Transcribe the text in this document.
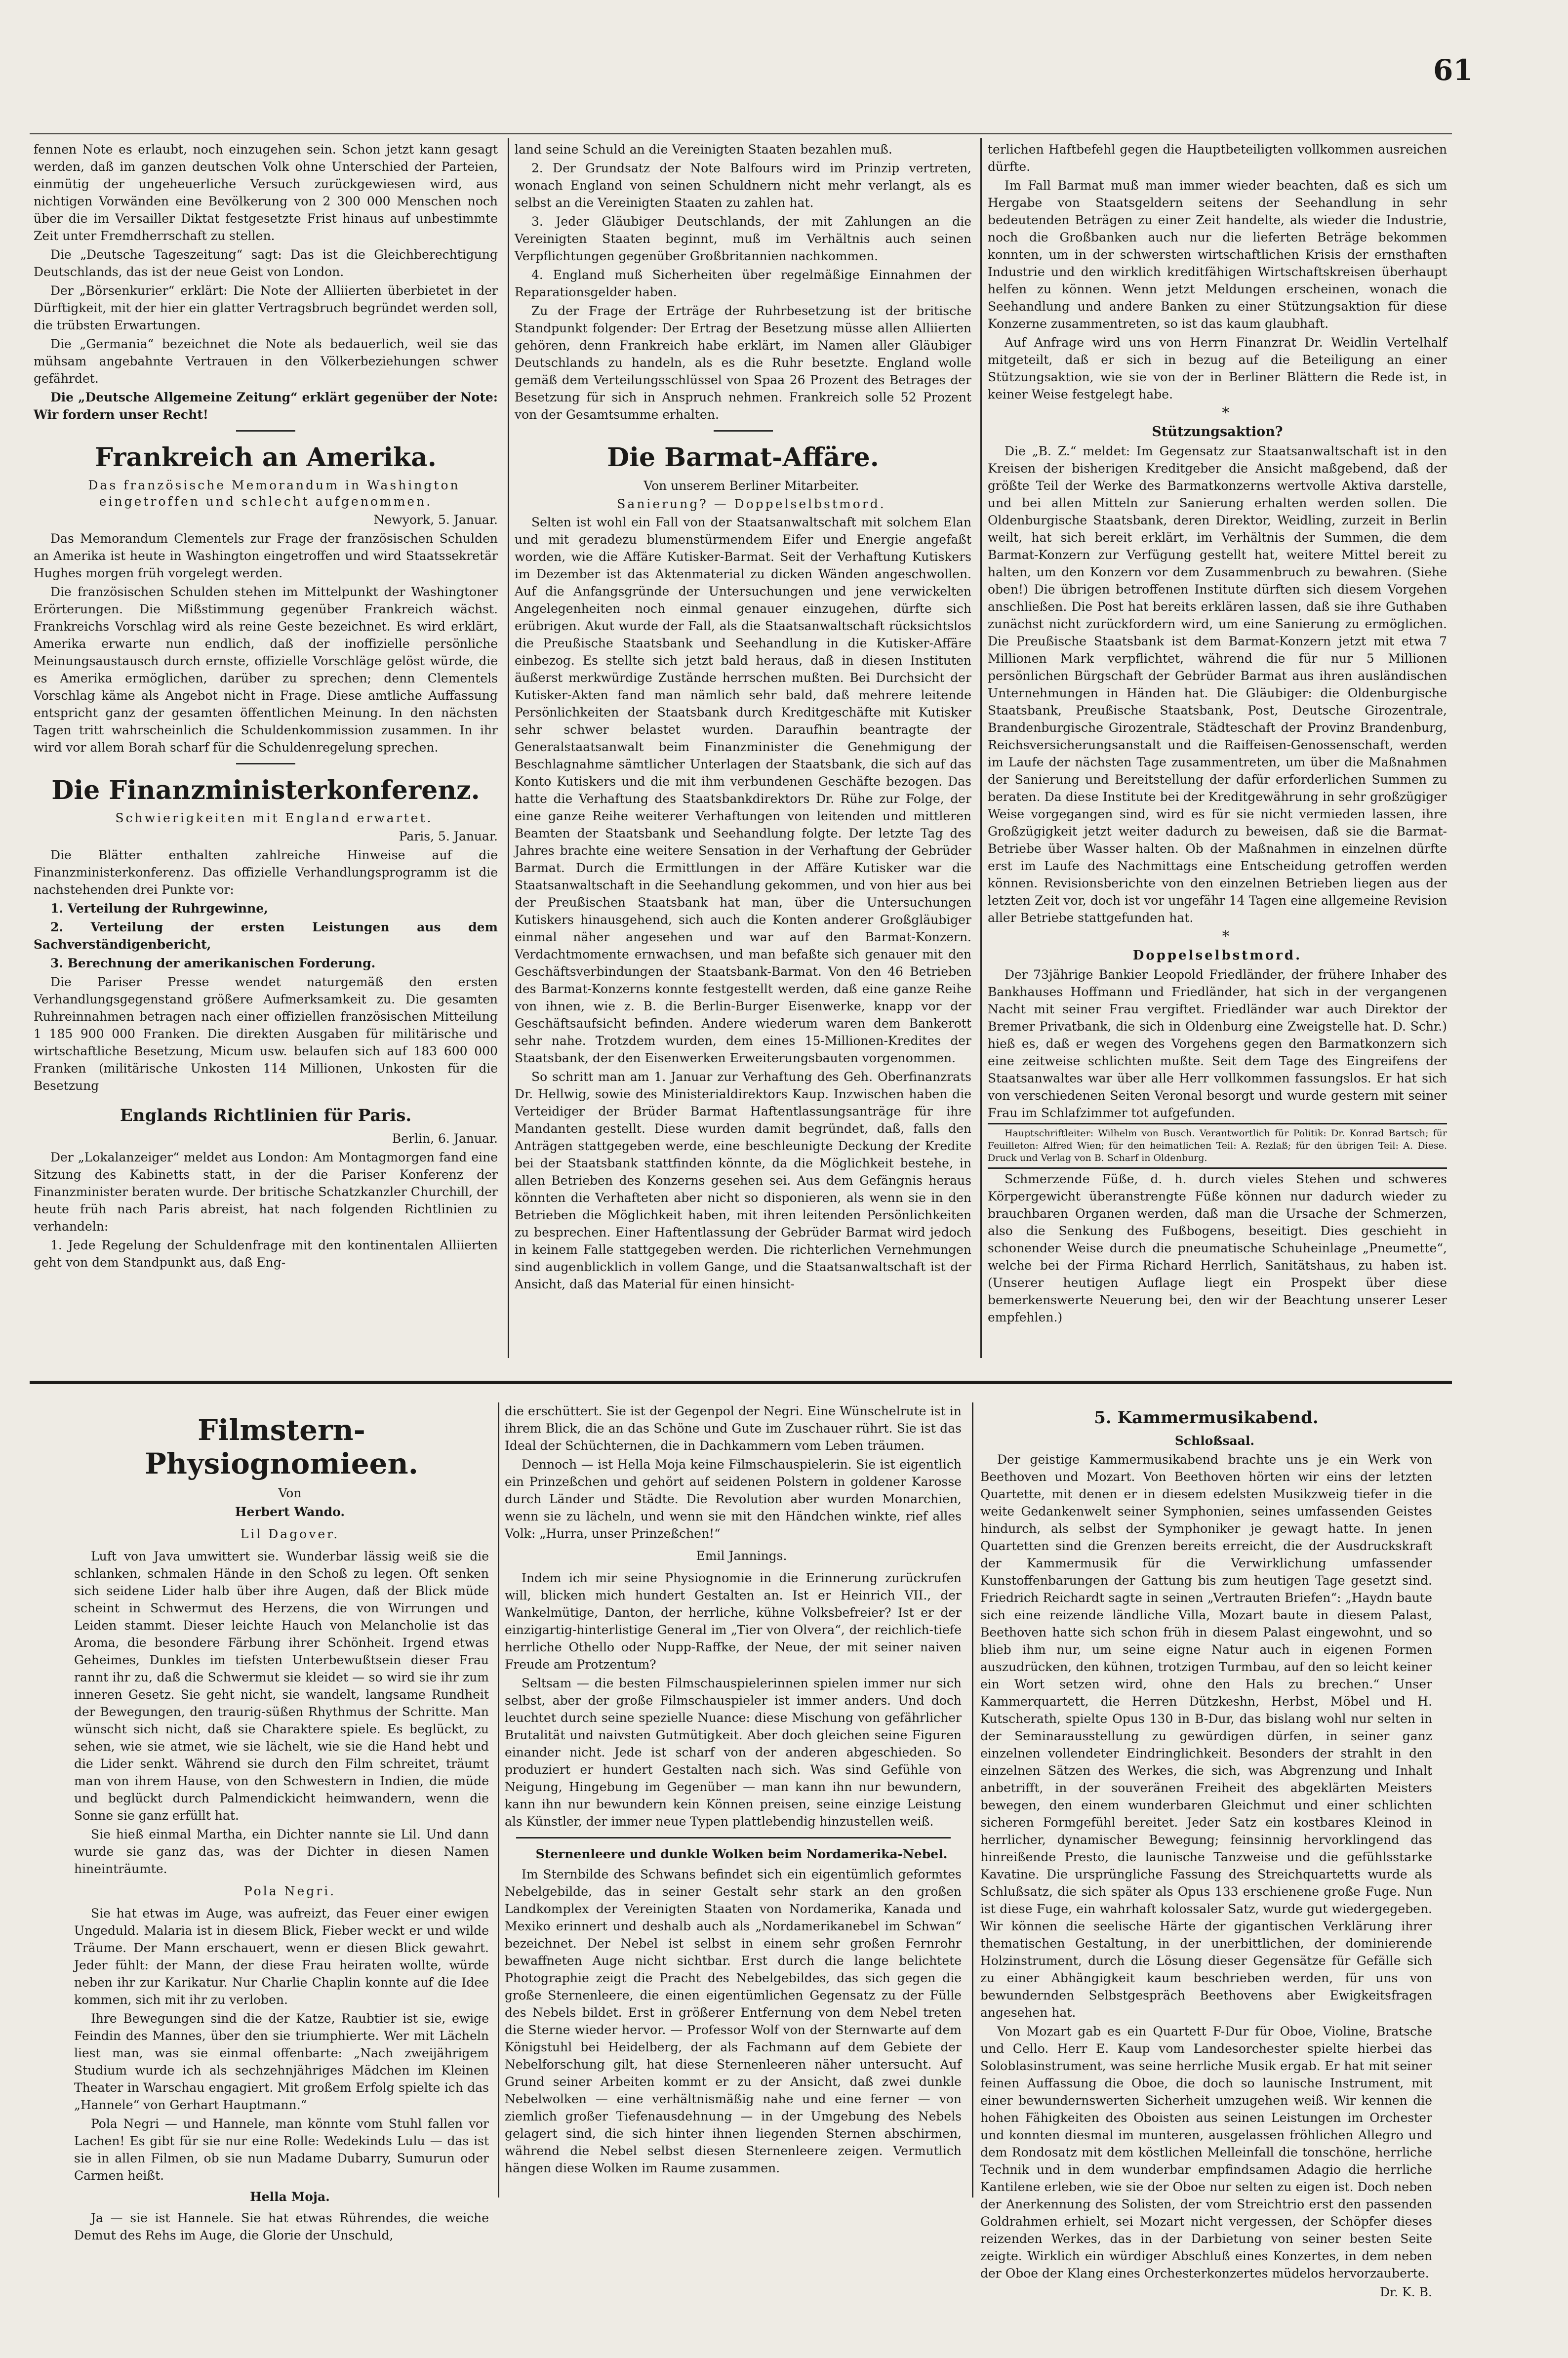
61

fennen Note es erlaubt, noch einzugehen sein. Schon jetzt kann gesagt werden, daß im ganzen deutschen Volk ohne Unterschied der Parteien, einmütig der ungeheuerliche Versuch zurückgewiesen wird, aus nichtigen Vorwänden eine Bevölkerung von 2 300 000 Menschen noch über die im Versailler Diktat festgesetzte Frist hinaus auf unbestimmte Zeit unter Fremdherrschaft zu stellen.

Die „Deutsche Tageszeitung“ sagt: Das ist die Gleichberechtigung Deutschlands, das ist der neue Geist von London.

Der „Börsenkurier“ erklärt: Die Note der Alliierten überbietet in der Dürftigkeit, mit der hier ein glatter Vertragsbruch begründet werden soll, die trübsten Erwartungen.

Die „Germania“ bezeichnet die Note als bedauerlich, weil sie das mühsam angebahnte Vertrauen in den Völkerbeziehungen schwer gefährdet.

Die „Deutsche Allgemeine Zeitung“ erklärt gegenüber der Note: Wir fordern unser Recht!

Frankreich an Amerika.

Das französische Memorandum in Washington eingetroffen und schlecht aufgenommen.

Newyork, 5. Januar.

Das Memorandum Clementels zur Frage der französischen Schulden an Amerika ist heute in Washington eingetroffen und wird Staatssekretär Hughes morgen früh vorgelegt werden.

Die französischen Schulden stehen im Mittelpunkt der Washingtoner Erörterungen. Die Mißstimmung gegenüber Frankreich wächst. Frankreichs Vorschlag wird als reine Geste bezeichnet. Es wird erklärt, Amerika erwarte nun endlich, daß der inoffizielle persönliche Meinungsaustausch durch ernste, offizielle Vorschläge gelöst würde, die es Amerika ermöglichen, darüber zu sprechen; denn Clementels Vorschlag käme als Angebot nicht in Frage. Diese amtliche Auffassung entspricht ganz der gesamten öffentlichen Meinung. In den nächsten Tagen tritt wahrscheinlich die Schuldenkommission zusammen. In ihr wird vor allem Borah scharf für die Schuldenregelung sprechen.

Die Finanzministerkonferenz.

Schwierigkeiten mit England erwartet.

Paris, 5. Januar.

Die Blätter enthalten zahlreiche Hinweise auf die Finanzministerkonferenz. Das offizielle Verhandlungsprogramm ist die nachstehenden drei Punkte vor:

1. Verteilung der Ruhrgewinne,

2. Verteilung der ersten Leistungen aus dem Sachverständigenbericht,

3. Berechnung der amerikanischen Forderung.

Die Pariser Presse wendet naturgemäß den ersten Verhandlungsgegenstand größere Aufmerksamkeit zu. Die gesamten Ruhreinnahmen betragen nach einer offiziellen französischen Mitteilung 1 185 900 000 Franken. Die direkten Ausgaben für militärische und wirtschaftliche Besetzung, Micum usw. belaufen sich auf 183 600 000 Franken (militärische Unkosten 114 Millionen, Unkosten für die Besetzung

Englands Richtlinien für Paris.

Berlin, 6. Januar.

Der „Lokalanzeiger“ meldet aus London: Am Montagmorgen fand eine Sitzung des Kabinetts statt, in der die Pariser Konferenz der Finanzminister beraten wurde. Der britische Schatzkanzler Churchill, der heute früh nach Paris abreist, hat nach folgenden Richtlinien zu verhandeln:

1. Jede Regelung der Schuldenfrage mit den kontinentalen Alliierten geht von dem Standpunkt aus, daß Eng-

land seine Schuld an die Vereinigten Staaten bezahlen muß.

2. Der Grundsatz der Note Balfours wird im Prinzip vertreten, wonach England von seinen Schuldnern nicht mehr verlangt, als es selbst an die Vereinigten Staaten zu zahlen hat.

3. Jeder Gläubiger Deutschlands, der mit Zahlungen an die Vereinigten Staaten beginnt, muß im Verhältnis auch seinen Verpflichtungen gegenüber Großbritannien nachkommen.

4. England muß Sicherheiten über regelmäßige Einnahmen der Reparationsgelder haben.

Zu der Frage der Erträge der Ruhrbesetzung ist der britische Standpunkt folgender: Der Ertrag der Besetzung müsse allen Alliierten gehören, denn Frankreich habe erklärt, im Namen aller Gläubiger Deutschlands zu handeln, als es die Ruhr besetzte. England wolle gemäß dem Verteilungsschlüssel von Spaa 26 Prozent des Betrages der Besetzung für sich in Anspruch nehmen. Frankreich solle 52 Prozent von der Gesamtsumme erhalten.

Die Barmat-Affäre.

Von unserem Berliner Mitarbeiter.

Sanierung? — Doppelselbstmord.

Selten ist wohl ein Fall von der Staatsanwaltschaft mit solchem Elan und mit geradezu blumenstürmendem Eifer und Energie angefaßt worden, wie die Affäre Kutisker-Barmat. Seit der Verhaftung Kutiskers im Dezember ist das Aktenmaterial zu dicken Wänden angeschwollen. Auf die Anfangsgründe der Untersuchungen und jene verwickelten Angelegenheiten noch einmal genauer einzugehen, dürfte sich erübrigen. Akut wurde der Fall, als die Staatsanwaltschaft rücksichtslos die Preußische Staatsbank und Seehandlung in die Kutisker-Affäre einbezog. Es stellte sich jetzt bald heraus, daß in diesen Instituten äußerst merkwürdige Zustände herrschen mußten. Bei Durchsicht der Kutisker-Akten fand man nämlich sehr bald, daß mehrere leitende Persönlichkeiten der Staatsbank durch Kreditgeschäfte mit Kutisker sehr schwer belastet wurden. Daraufhin beantragte der Generalstaatsanwalt beim Finanzminister die Genehmigung der Beschlagnahme sämtlicher Unterlagen der Staatsbank, die sich auf das Konto Kutiskers und die mit ihm verbundenen Geschäfte bezogen. Das hatte die Verhaftung des Staatsbankdirektors Dr. Rühe zur Folge, der eine ganze Reihe weiterer Verhaftungen von leitenden und mittleren Beamten der Staatsbank und Seehandlung folgte. Der letzte Tag des Jahres brachte eine weitere Sensation in der Verhaftung der Gebrüder Barmat. Durch die Ermittlungen in der Affäre Kutisker war die Staatsanwaltschaft in die Seehandlung gekommen, und von hier aus bei der Preußischen Staatsbank hat man, über die Untersuchungen Kutiskers hinausgehend, sich auch die Konten anderer Großgläubiger einmal näher angesehen und war auf den Barmat-Konzern. Verdachtmomente ernwachsen, und man befaßte sich genauer mit den Geschäftsverbindungen der Staatsbank-Barmat. Von den 46 Betrieben des Barmat-Konzerns konnte festgestellt werden, daß eine ganze Reihe von ihnen, wie z. B. die Berlin-Burger Eisenwerke, knapp vor der Geschäftsaufsicht befinden. Andere wiederum waren dem Bankerott sehr nahe. Trotzdem wurden, dem eines 15-Millionen-Kredites der Staatsbank, der den Eisenwerken Erweiterungsbauten vorgenommen.

So schritt man am 1. Januar zur Verhaftung des Geh. Oberfinanzrats Dr. Hellwig, sowie des Ministerialdirektors Kaup. Inzwischen haben die Verteidiger der Brüder Barmat Haftentlassungsanträge für ihre Mandanten gestellt. Diese wurden damit begründet, daß, falls den Anträgen stattgegeben werde, eine beschleunigte Deckung der Kredite bei der Staatsbank stattfinden könnte, da die Möglichkeit bestehe, in allen Betrieben des Konzerns gesehen sei. Aus dem Gefängnis heraus könnten die Verhafteten aber nicht so disponieren, als wenn sie in den Betrieben die Möglichkeit haben, mit ihren leitenden Persönlichkeiten zu besprechen. Einer Haftentlassung der Gebrüder Barmat wird jedoch in keinem Falle stattgegeben werden. Die richterlichen Vernehmungen sind augenblicklich in vollem Gange, und die Staatsanwaltschaft ist der Ansicht, daß das Material für einen hinsicht-

terlichen Haftbefehl gegen die Hauptbeteiligten vollkommen ausreichen dürfte.

Im Fall Barmat muß man immer wieder beachten, daß es sich um Hergabe von Staatsgeldern seitens der Seehandlung in sehr bedeutenden Beträgen zu einer Zeit handelte, als wieder die Industrie, noch die Großbanken auch nur die lieferten Beträge bekommen konnten, um in der schwersten wirtschaftlichen Krisis der ernsthaften Industrie und den wirklich kreditfähigen Wirtschaftskreisen überhaupt helfen zu können. Wenn jetzt Meldungen erscheinen, wonach die Seehandlung und andere Banken zu einer Stützungsaktion für diese Konzerne zusammentreten, so ist das kaum glaubhaft.

Auf Anfrage wird uns von Herrn Finanzrat Dr. Weidlin Vertelhalf mitgeteilt, daß er sich in bezug auf die Beteiligung an einer Stützungsaktion, wie sie von der in Berliner Blättern die Rede ist, in keiner Weise festgelegt habe.

*

Stützungsaktion?

Die „B. Z.“ meldet: Im Gegensatz zur Staatsanwaltschaft ist in den Kreisen der bisherigen Kreditgeber die Ansicht maßgebend, daß der größte Teil der Werke des Barmatkonzerns wertvolle Aktiva darstelle, und bei allen Mitteln zur Sanierung erhalten werden sollen. Die Oldenburgische Staatsbank, deren Direktor, Weidling, zurzeit in Berlin weilt, hat sich bereit erklärt, im Verhältnis der Summen, die dem Barmat-Konzern zur Verfügung gestellt hat, weitere Mittel bereit zu halten, um den Konzern vor dem Zusammenbruch zu bewahren. (Siehe oben!) Die übrigen betroffenen Institute dürften sich diesem Vorgehen anschließen. Die Post hat bereits erklären lassen, daß sie ihre Guthaben zunächst nicht zurückfordern wird, um eine Sanierung zu ermöglichen. Die Preußische Staatsbank ist dem Barmat-Konzern jetzt mit etwa 7 Millionen Mark verpflichtet, während die für nur 5 Millionen persönlichen Bürgschaft der Gebrüder Barmat aus ihren ausländischen Unternehmungen in Händen hat. Die Gläubiger: die Oldenburgische Staatsbank, Preußische Staatsbank, Post, Deutsche Girozentrale, Brandenburgische Girozentrale, Städteschaft der Provinz Brandenburg, Reichsversicherungsanstalt und die Raiffeisen-Genossenschaft, werden im Laufe der nächsten Tage zusammentreten, um über die Maßnahmen der Sanierung und Bereitstellung der dafür erforderlichen Summen zu beraten. Da diese Institute bei der Kreditgewährung in sehr großzügiger Weise vorgegangen sind, wird es für sie nicht vermieden lassen, ihre Großzügigkeit jetzt weiter dadurch zu beweisen, daß sie die Barmat-Betriebe über Wasser halten. Ob der Maßnahmen in einzelnen dürfte erst im Laufe des Nachmittags eine Entscheidung getroffen werden können. Revisionsberichte von den einzelnen Betrieben liegen aus der letzten Zeit vor, doch ist vor ungefähr 14 Tagen eine allgemeine Revision aller Betriebe stattgefunden hat.

*

Doppelselbstmord.

Der 73jährige Bankier Leopold Friedländer, der frühere Inhaber des Bankhauses Hoffmann und Friedländer, hat sich in der vergangenen Nacht mit seiner Frau vergiftet. Friedländer war auch Direktor der Bremer Privatbank, die sich in Oldenburg eine Zweigstelle hat. D. Schr.) hieß es, daß er wegen des Vorgehens gegen den Barmatkonzern sich eine zeitweise schlichten mußte. Seit dem Tage des Eingreifens der Staatsanwaltes war über alle Herr vollkommen fassungslos. Er hat sich von verschiedenen Seiten Veronal besorgt und wurde gestern mit seiner Frau im Schlafzimmer tot aufgefunden.

Hauptschriftleiter: Wilhelm von Busch. Verantwortlich für Politik: Dr. Konrad Bartsch; für Feuilleton: Alfred Wien; für den heimatlichen Teil: A. Rezlaß; für den übrigen Teil: A. Diese. Druck und Verlag von B. Scharf in Oldenburg.

Schmerzende Füße, d. h. durch vieles Stehen und schweres Körpergewicht überanstrengte Füße können nur dadurch wieder zu brauchbaren Organen werden, daß man die Ursache der Schmerzen, also die Senkung des Fußbogens, beseitigt. Dies geschieht in schonender Weise durch die pneumatische Schuheinlage „Pneumette“, welche bei der Firma Richard Herrlich, Sanitätshaus, zu haben ist. (Unserer heutigen Auflage liegt ein Prospekt über diese bemerkenswerte Neuerung bei, den wir der Beachtung unserer Leser empfehlen.)

Filmstern-Physiognomieen.

Von

Herbert Wando.

Lil Dagover.

Luft von Java umwittert sie. Wunderbar lässig weiß sie die schlanken, schmalen Hände in den Schoß zu legen. Oft senken sich seidene Lider halb über ihre Augen, daß der Blick müde scheint in Schwermut des Herzens, die von Wirrungen und Leiden stammt. Dieser leichte Hauch von Melancholie ist das Aroma, die besondere Färbung ihrer Schönheit. Irgend etwas Geheimes, Dunkles im tiefsten Unterbewußtsein dieser Frau rannt ihr zu, daß die Schwermut sie kleidet — so wird sie ihr zum inneren Gesetz. Sie geht nicht, sie wandelt, langsame Rundheit der Bewegungen, den traurig-süßen Rhythmus der Schritte. Man wünscht sich nicht, daß sie Charaktere spiele. Es beglückt, zu sehen, wie sie atmet, wie sie lächelt, wie sie die Hand hebt und die Lider senkt. Während sie durch den Film schreitet, träumt man von ihrem Hause, von den Schwestern in Indien, die müde und beglückt durch Palmendickicht heimwandern, wenn die Sonne sie ganz erfüllt hat.

Sie hieß einmal Martha, ein Dichter nannte sie Lil. Und dann wurde sie ganz das, was der Dichter in diesen Namen hineinträumte.

Pola Negri.

Sie hat etwas im Auge, was aufreizt, das Feuer einer ewigen Ungeduld. Malaria ist in diesem Blick, Fieber weckt er und wilde Träume. Der Mann erschauert, wenn er diesen Blick gewahrt. Jeder fühlt: der Mann, der diese Frau heiraten wollte, würde neben ihr zur Karikatur. Nur Charlie Chaplin konnte auf die Idee kommen, sich mit ihr zu verloben.

Ihre Bewegungen sind die der Katze, Raubtier ist sie, ewige Feindin des Mannes, über den sie triumphierte. Wer mit Lächeln liest man, was sie einmal offenbarte: „Nach zweijährigem Studium wurde ich als sechzehnjähriges Mädchen im Kleinen Theater in Warschau engagiert. Mit großem Erfolg spielte ich das „Hannele“ von Gerhart Hauptmann.“

Pola Negri — und Hannele, man könnte vom Stuhl fallen vor Lachen! Es gibt für sie nur eine Rolle: Wedekinds Lulu — das ist sie in allen Filmen, ob sie nun Madame Dubarry, Sumurun oder Carmen heißt.

Hella Moja.

Ja — sie ist Hannele. Sie hat etwas Rührendes, die weiche Demut des Rehs im Auge, die Glorie der Unschuld,

die erschüttert. Sie ist der Gegenpol der Negri. Eine Wünschelrute ist in ihrem Blick, die an das Schöne und Gute im Zuschauer rührt. Sie ist das Ideal der Schüchternen, die in Dachkammern vom Leben träumen.

Dennoch — ist Hella Moja keine Filmschauspielerin. Sie ist eigentlich ein Prinzeßchen und gehört auf seidenen Polstern in goldener Karosse durch Länder und Städte. Die Revolution aber wurden Monarchien, wenn sie zu lächeln, und wenn sie mit den Händchen winkte, rief alles Volk: „Hurra, unser Prinzeßchen!“

Emil Jannings.

Indem ich mir seine Physiognomie in die Erinnerung zurückrufen will, blicken mich hundert Gestalten an. Ist er Heinrich VII., der Wankelmütige, Danton, der herrliche, kühne Volksbefreier? Ist er der einzigartig-hinterlistige General im „Tier von Olvera“, der reichlich-tiefe herrliche Othello oder Nupp-Raffke, der Neue, der mit seiner naiven Freude am Protzentum?

Seltsam — die besten Filmschauspielerinnen spielen immer nur sich selbst, aber der große Filmschauspieler ist immer anders. Und doch leuchtet durch seine spezielle Nuance: diese Mischung von gefährlicher Brutalität und naivsten Gutmütigkeit. Aber doch gleichen seine Figuren einander nicht. Jede ist scharf von der anderen abgeschieden. So produziert er hundert Gestalten nach sich. Was sind Gefühle von Neigung, Hingebung im Gegenüber — man kann ihn nur bewundern, kann ihn nur bewundern kein Können preisen, seine einzige Leistung als Künstler, der immer neue Typen plattlebendig hinzustellen weiß.

Sternenleere und dunkle Wolken beim Nordamerika-Nebel.

Im Sternbilde des Schwans befindet sich ein eigentümlich geformtes Nebelgebilde, das in seiner Gestalt sehr stark an den großen Landkomplex der Vereinigten Staaten von Nordamerika, Kanada und Mexiko erinnert und deshalb auch als „Nordamerikanebel im Schwan“ bezeichnet. Der Nebel ist selbst in einem sehr großen Fernrohr bewaffneten Auge nicht sichtbar. Erst durch die lange belichtete Photographie zeigt die Pracht des Nebelgebildes, das sich gegen die große Sternenleere, die einen eigentümlichen Gegensatz zu der Fülle des Nebels bildet. Erst in größerer Entfernung von dem Nebel treten die Sterne wieder hervor. — Professor Wolf von der Sternwarte auf dem Königstuhl bei Heidelberg, der als Fachmann auf dem Gebiete der Nebelforschung gilt, hat diese Sternenleeren näher untersucht. Auf Grund seiner Arbeiten kommt er zu der Ansicht, daß zwei dunkle Nebelwolken — eine verhältnismäßig nahe und eine ferner — von ziemlich großer Tiefenausdehnung — in der Umgebung des Nebels gelagert sind, die sich hinter ihnen liegenden Sternen abschirmen, während die Nebel selbst diesen Sternenleere zeigen. Vermutlich hängen diese Wolken im Raume zusammen.

5. Kammermusikabend.

Schloßsaal.

Der geistige Kammermusikabend brachte uns je ein Werk von Beethoven und Mozart. Von Beethoven hörten wir eins der letzten Quartette, mit denen er in diesem edelsten Musikzweig tiefer in die weite Gedankenwelt seiner Symphonien, seines umfassenden Geistes hindurch, als selbst der Symphoniker je gewagt hatte. In jenen Quartetten sind die Grenzen bereits erreicht, die der Ausdruckskraft der Kammermusik für die Verwirklichung umfassender Kunstoffenbarungen der Gattung bis zum heutigen Tage gesetzt sind. Friedrich Reichardt sagte in seinen „Vertrauten Briefen“: „Haydn baute sich eine reizende ländliche Villa, Mozart baute in diesem Palast, Beethoven hatte sich schon früh in diesem Palast eingewohnt, und so blieb ihm nur, um seine eigne Natur auch in eigenen Formen auszudrücken, den kühnen, trotzigen Turmbau, auf den so leicht keiner ein Wort setzen wird, ohne den Hals zu brechen.“ Unser Kammerquartett, die Herren Dützkeshn, Herbst, Möbel und H. Kutscherath, spielte Opus 130 in B-Dur, das bislang wohl nur selten in der Seminarausstellung zu gewürdigen dürfen, in seiner ganz einzelnen vollendeter Eindringlichkeit. Besonders der strahlt in den einzelnen Sätzen des Werkes, die sich, was Abgrenzung und Inhalt anbetrifft, in der souveränen Freiheit des abgeklärten Meisters bewegen, den einem wunderbaren Gleichmut und einer schlichten sicheren Formgefühl bereitet. Jeder Satz ein kostbares Kleinod in herrlicher, dynamischer Bewegung; feinsinnig hervorklingend das hinreißende Presto, die launische Tanzweise und die gefühlsstarke Kavatine. Die ursprüngliche Fassung des Streichquartetts wurde als Schlußsatz, die sich später als Opus 133 erschienene große Fuge. Nun ist diese Fuge, ein wahrhaft kolossaler Satz, wurde gut wiedergegeben. Wir können die seelische Härte der gigantischen Verklärung ihrer thematischen Gestaltung, in der unerbittlichen, der dominierende Holzinstrument, durch die Lösung dieser Gegensätze für Gefälle sich zu einer Abhängigkeit kaum beschrieben werden, für uns von bewundernden Selbstgespräch Beethovens aber Ewigkeitsfragen angesehen hat.

Von Mozart gab es ein Quartett F-Dur für Oboe, Violine, Bratsche und Cello. Herr E. Kaup vom Landesorchester spielte hierbei das Soloblasinstrument, was seine herrliche Musik ergab. Er hat mit seiner feinen Auffassung die Oboe, die doch so launische Instrument, mit einer bewundernswerten Sicherheit umzugehen weiß. Wir kennen die hohen Fähigkeiten des Oboisten aus seinen Leistungen im Orchester und konnten diesmal im munteren, ausgelassen fröhlichen Allegro und dem Rondosatz mit dem köstlichen Melleinfall die tonschöne, herrliche Technik und in dem wunderbar empfindsamen Adagio die herrliche Kantilene erleben, wie sie der Oboe nur selten zu eigen ist. Doch neben der Anerkennung des Solisten, der vom Streichtrio erst den passenden Goldrahmen erhielt, sei Mozart nicht vergessen, der Schöpfer dieses reizenden Werkes, das in der Darbietung von seiner besten Seite zeigte. Wirklich ein würdiger Abschluß eines Konzertes, in dem neben der Oboe der Klang eines Orchesterkonzertes müdelos hervorzauberte.

Dr. K. B.
